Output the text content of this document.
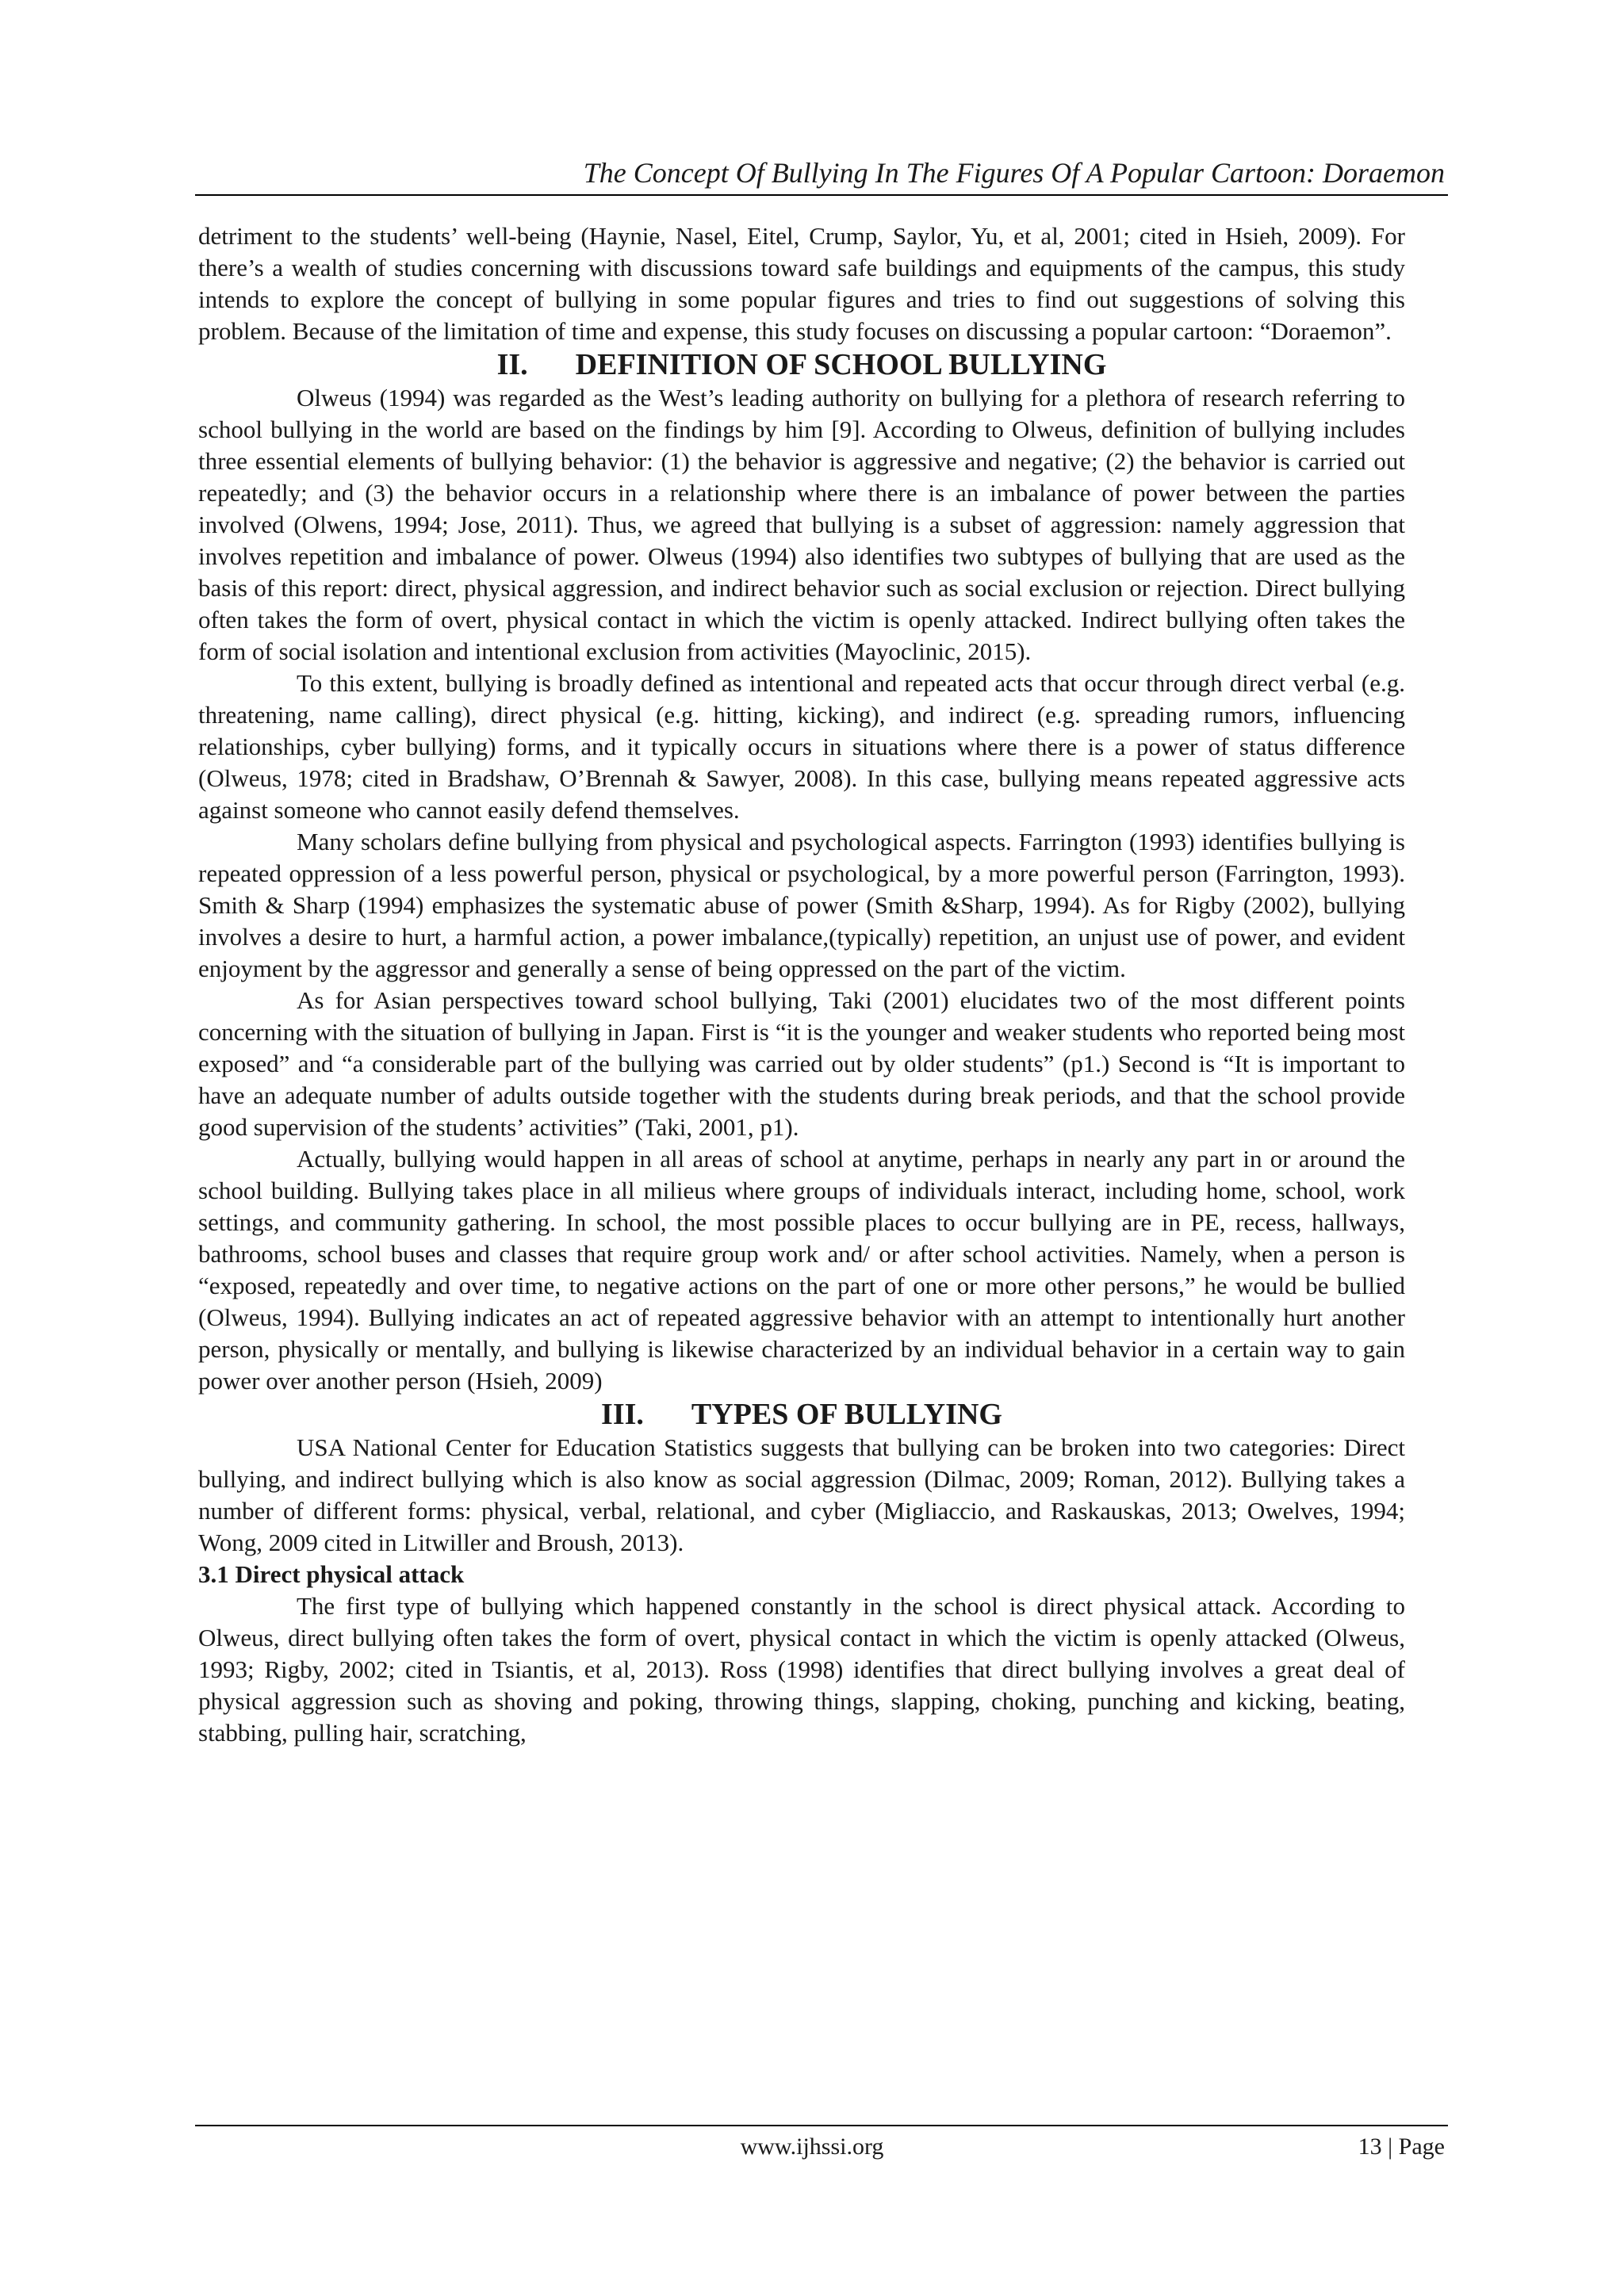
The Concept Of Bullying In The Figures Of A Popular Cartoon: Doraemon

detriment to the students’ well-being (Haynie, Nasel, Eitel, Crump, Saylor, Yu, et al, 2001; cited in Hsieh, 2009). For there’s a wealth of studies concerning with discussions toward safe buildings and equipments of the campus, this study intends to explore the concept of bullying in some popular figures and tries to find out suggestions of solving this problem. Because of the limitation of time and expense, this study focuses on discussing a popular cartoon: “Doraemon”.

II. DEFINITION OF SCHOOL BULLYING

Olweus (1994) was regarded as the West’s leading authority on bullying for a plethora of research referring to school bullying in the world are based on the findings by him [9]. According to Olweus, definition of bullying includes three essential elements of bullying behavior: (1) the behavior is aggressive and negative; (2) the behavior is carried out repeatedly; and (3) the behavior occurs in a relationship where there is an imbalance of power between the parties involved (Olwens, 1994; Jose, 2011). Thus, we agreed that bullying is a subset of aggression: namely aggression that involves repetition and imbalance of power. Olweus (1994) also identifies two subtypes of bullying that are used as the basis of this report: direct, physical aggression, and indirect behavior such as social exclusion or rejection. Direct bullying often takes the form of overt, physical contact in which the victim is openly attacked. Indirect bullying often takes the form of social isolation and intentional exclusion from activities (Mayoclinic, 2015).

To this extent, bullying is broadly defined as intentional and repeated acts that occur through direct verbal (e.g. threatening, name calling), direct physical (e.g. hitting, kicking), and indirect (e.g. spreading rumors, influencing relationships, cyber bullying) forms, and it typically occurs in situations where there is a power of status difference (Olweus, 1978; cited in Bradshaw, O’Brennah & Sawyer, 2008). In this case, bullying means repeated aggressive acts against someone who cannot easily defend themselves.

Many scholars define bullying from physical and psychological aspects. Farrington (1993) identifies bullying is repeated oppression of a less powerful person, physical or psychological, by a more powerful person (Farrington, 1993). Smith & Sharp (1994) emphasizes the systematic abuse of power (Smith &Sharp, 1994). As for Rigby (2002), bullying involves a desire to hurt, a harmful action, a power imbalance,(typically) repetition, an unjust use of power, and evident enjoyment by the aggressor and generally a sense of being oppressed on the part of the victim.

As for Asian perspectives toward school bullying, Taki (2001) elucidates two of the most different points concerning with the situation of bullying in Japan. First is “it is the younger and weaker students who reported being most exposed” and “a considerable part of the bullying was carried out by older students” (p1.) Second is “It is important to have an adequate number of adults outside together with the students during break periods, and that the school provide good supervision of the students’ activities” (Taki, 2001, p1).

Actually, bullying would happen in all areas of school at anytime, perhaps in nearly any part in or around the school building. Bullying takes place in all milieus where groups of individuals interact, including home, school, work settings, and community gathering. In school, the most possible places to occur bullying are in PE, recess, hallways, bathrooms, school buses and classes that require group work and/ or after school activities. Namely, when a person is “exposed, repeatedly and over time, to negative actions on the part of one or more other persons,” he would be bullied (Olweus, 1994). Bullying indicates an act of repeated aggressive behavior with an attempt to intentionally hurt another person, physically or mentally, and bullying is likewise characterized by an individual behavior in a certain way to gain power over another person (Hsieh, 2009)

III. TYPES OF BULLYING

USA National Center for Education Statistics suggests that bullying can be broken into two categories: Direct bullying, and indirect bullying which is also know as social aggression (Dilmac, 2009; Roman, 2012). Bullying takes a number of different forms: physical, verbal, relational, and cyber (Migliaccio, and Raskauskas, 2013; Owelves, 1994; Wong, 2009 cited in Litwiller and Broush, 2013).

3.1 Direct physical attack

The first type of bullying which happened constantly in the school is direct physical attack. According to Olweus, direct bullying often takes the form of overt, physical contact in which the victim is openly attacked (Olweus, 1993; Rigby, 2002; cited in Tsiantis, et al, 2013). Ross (1998) identifies that direct bullying involves a great deal of physical aggression such as shoving and poking, throwing things, slapping, choking, punching and kicking, beating, stabbing, pulling hair, scratching,

www.ijhssi.org	13 | Page
